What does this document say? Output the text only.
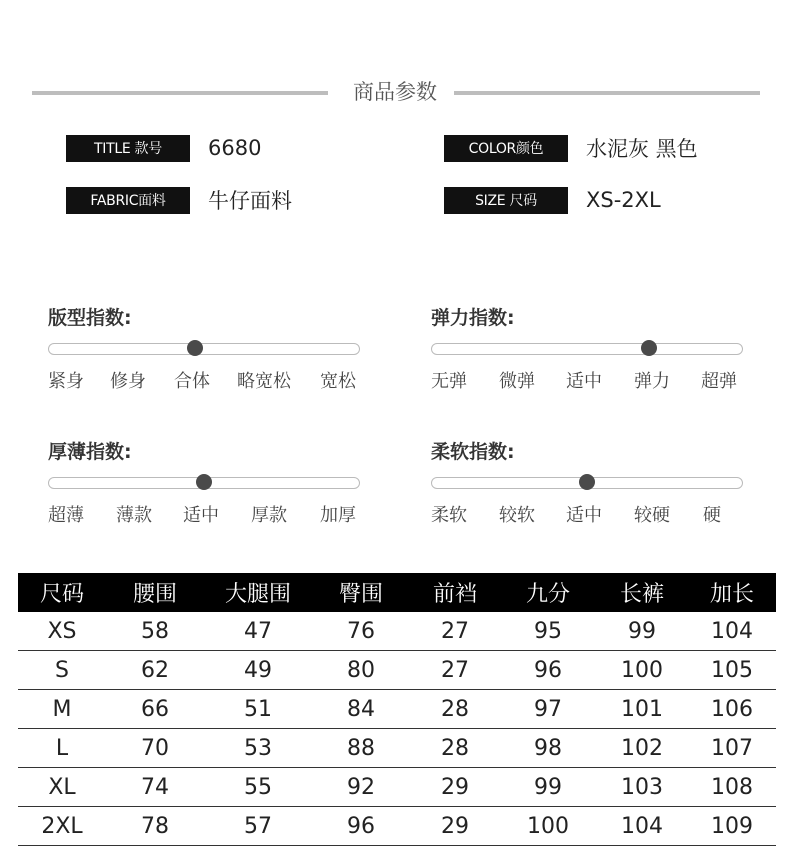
商品参数
TITLE 款号	6680	COLOR颜色	水泥灰 黑色
FABRIC面料	牛仔面料	SIZE 尺码	XS-2XL
版型指数:
紧身 修身 合体 略宽松 宽松
弹力指数:
无弹 微弹 适中 弹力 超弹
厚薄指数:
超薄 薄款 适中 厚款 加厚
柔软指数:
柔软 较软 适中 较硬 硬
尺码	腰围	大腿围	臀围	前裆	九分	长裤	加长
XS	58	47	76	27	95	99	104
S	62	49	80	27	96	100	105
M	66	51	84	28	97	101	106
L	70	53	88	28	98	102	107
XL	74	55	92	29	99	103	108
2XL	78	57	96	29	100	104	109
